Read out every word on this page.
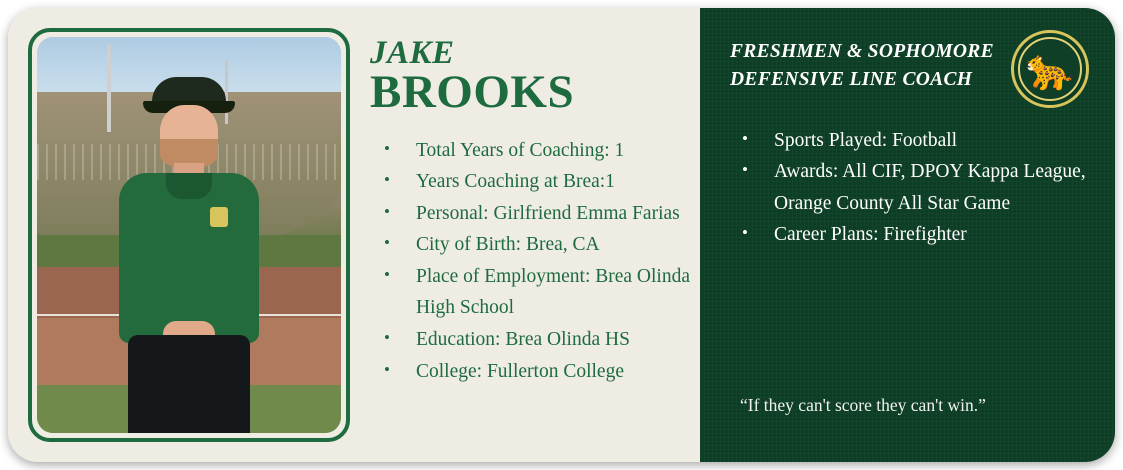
JAKE
BROOKS
• Total Years of Coaching: 1
• Years Coaching at Brea:1
• Personal: Girlfriend Emma Farias
• City of Birth: Brea, CA
• Place of Employment: Brea Olinda High School
• Education: Brea Olinda HS
• College: Fullerton College
FRESHMEN & SOPHOMORE DEFENSIVE LINE COACH	🐆
• Sports Played: Football
• Awards: All CIF, DPOY Kappa League, Orange County All Star Game
• Career Plans: Firefighter
“If they can't score they can't win.”
